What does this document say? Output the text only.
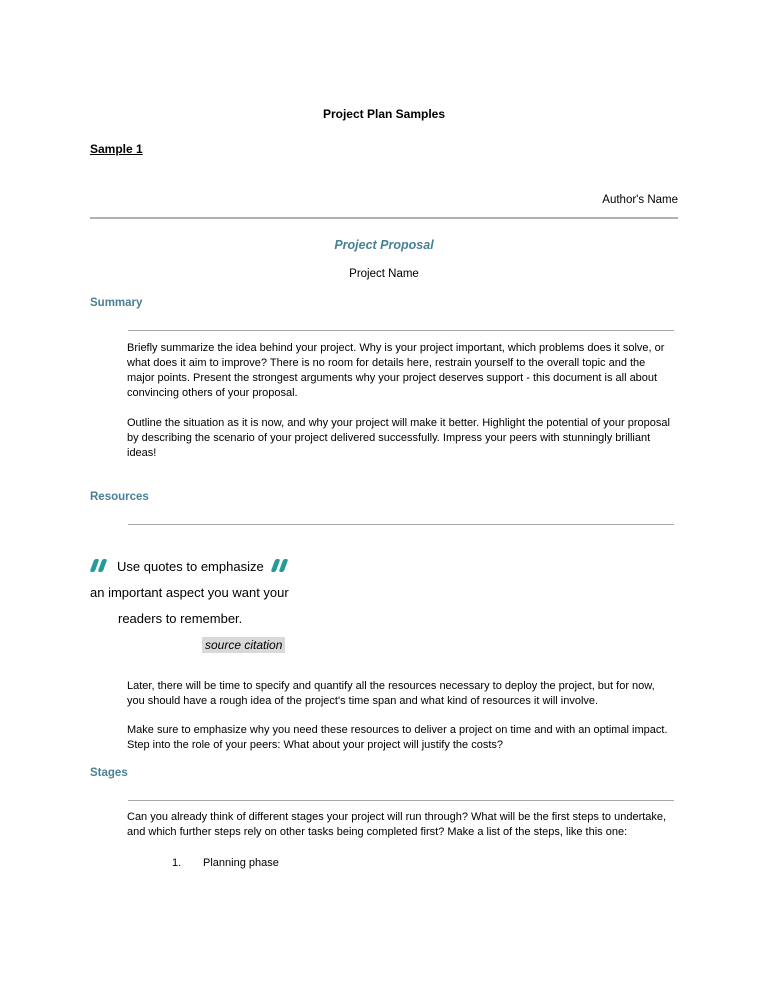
Project Plan Samples
Sample 1
Author's Name
Project Proposal
Project Name
Summary
Briefly summarize the idea behind your project. Why is your project important, which problems does it solve, or what does it aim to improve? There is no room for details here, restrain yourself to the overall topic and the major points. Present the strongest arguments why your project deserves support - this document is all about convincing others of your proposal.
Outline the situation as it is now, and why your project will make it better. Highlight the potential of your proposal by describing the scenario of your project delivered successfully. Impress your peers with stunningly brilliant ideas!
Resources
Use quotes to emphasize
an important aspect you want your
readers to remember.
source citation
Later, there will be time to specify and quantify all the resources necessary to deploy the project, but for now, you should have a rough idea of the project's time span and what kind of resources it will involve.
Make sure to emphasize why you need these resources to deliver a project on time and with an optimal impact. Step into the role of your peers: What about your project will justify the costs?
Stages
Can you already think of different stages your project will run through? What will be the first steps to undertake, and which further steps rely on other tasks being completed first? Make a list of the steps, like this one:
1. Planning phase
